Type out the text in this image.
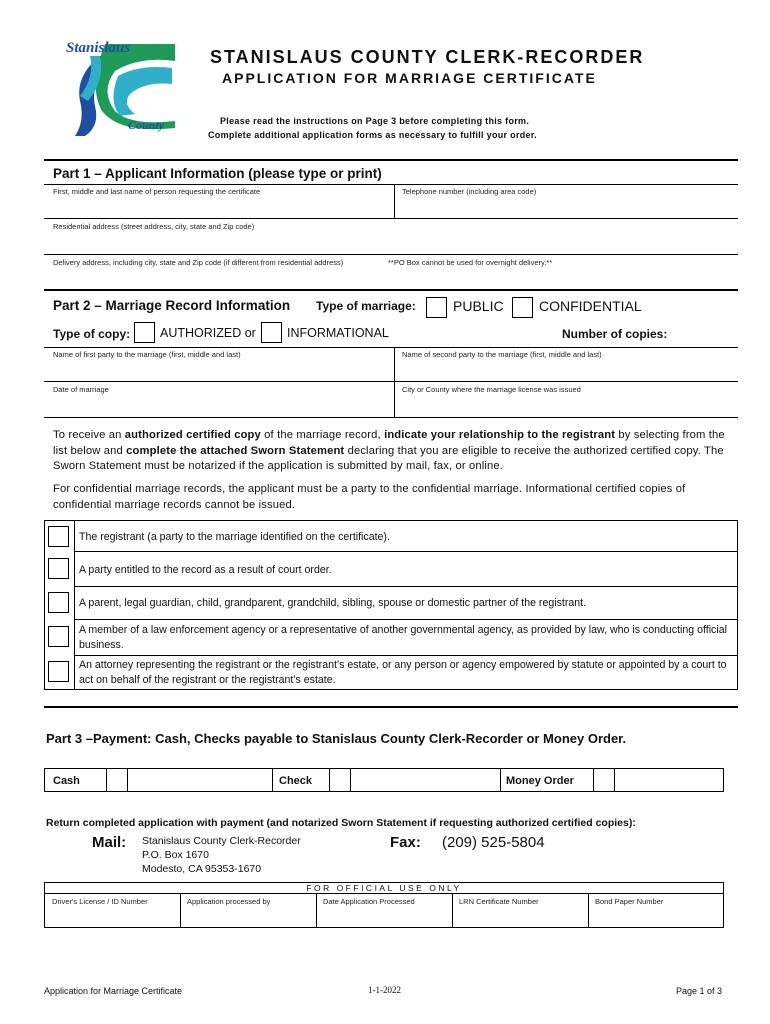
Stanislaus
County
STANISLAUS COUNTY CLERK-RECORDER
APPLICATION FOR MARRIAGE CERTIFICATE
Please read the instructions on Page 3 before completing this form.
Complete additional application forms as necessary to fulfill your order.
Part 1 – Applicant Information (please type or print)
First, middle and last name of person requesting the certificate	Telephone number (including area code)
Residential address (street address, city, state and Zip code)
Delivery address, including city, state and Zip code (if different from residential address)	**PO Box cannot be used for overnight delivery.**
Part 2 – Marriage Record Information Type of marriage:	PUBLIC	CONFIDENTIAL
Type of copy: AUTHORIZED or INFORMATIONAL	Number of copies:
Name of first party to the marriage (first, middle and last)	Name of second party to the marriage (first, middle and last)
Date of marriage	City or County where the marriage license was issued
To receive an authorized certified copy of the marriage record, indicate your relationship to the registrant by selecting from the list below and complete the attached Sworn Statement declaring that you are eligible to receive the authorized certified copy. The Sworn Statement must be notarized if the application is submitted by mail, fax, or online.
For confidential marriage records, the applicant must be a party to the confidential marriage. Informational certified copies of confidential marriage records cannot be issued.
The registrant (a party to the marriage identified on the certificate).
A party entitled to the record as a result of court order.
A parent, legal guardian, child, grandparent, grandchild, sibling, spouse or domestic partner of the registrant.
A member of a law enforcement agency or a representative of another governmental agency, as provided by law, who is conducting official business.
An attorney representing the registrant or the registrant’s estate, or any person or agency empowered by statute or appointed by a court to act on behalf of the registrant or the registrant’s estate.
Part 3 –Payment: Cash, Checks payable to Stanislaus County Clerk-Recorder or Money Order.
Cash	Check	Money Order
Return completed application with payment (and notarized Sworn Statement if requesting authorized certified copies):
Mail: Stanislaus County Clerk-Recorder
P.O. Box 1670
Modesto, CA 95353-1670
Fax: (209) 525-5804
FOR OFFICIAL USE ONLY
Driver's License / ID Number	Application processed by	Date Application Processed	LRN Certificate Number	Bond Paper Number
Application for Marriage Certificate	1-1-2022	Page 1 of 3
